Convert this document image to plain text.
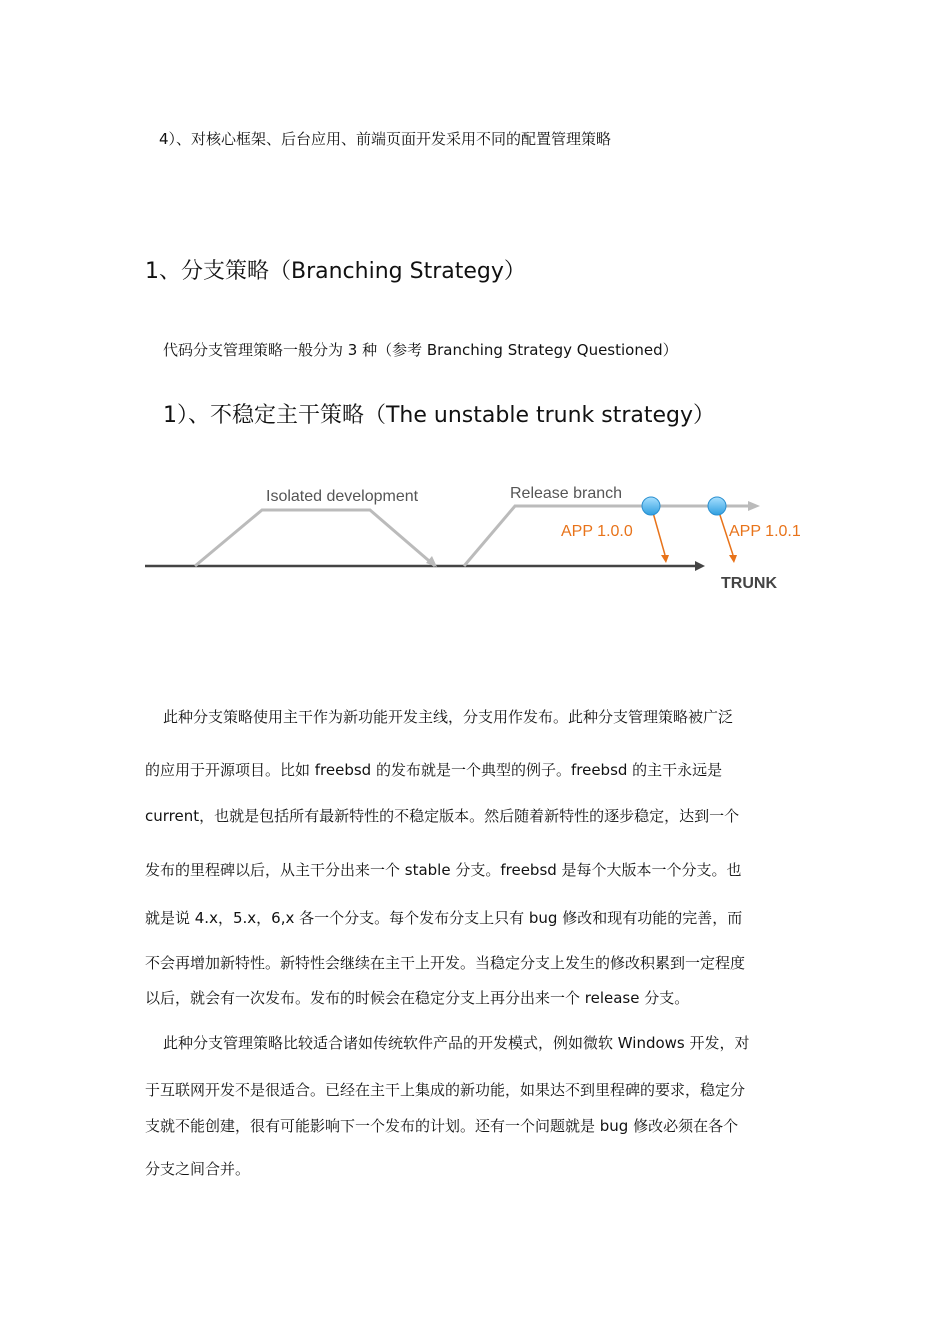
4）、对核心框架、后台应用、前端页面开发采用不同的配置管理策略
1、分支策略（Branching Strategy）
代码分支管理策略一般分为 3 种（参考 Branching Strategy Questioned）
1）、不稳定主干策略（The unstable trunk strategy）
Isolated development	Release branch
APP 1.0.0	APP 1.0.1
TRUNK
此种分支策略使用主干作为新功能开发主线，分支用作发布。此种分支管理策略被广泛
的应用于开源项目。比如 freebsd 的发布就是一个典型的例子。freebsd 的主干永远是
current，也就是包括所有最新特性的不稳定版本。然后随着新特性的逐步稳定，达到一个
发布的里程碑以后，从主干分出来一个 stable 分支。freebsd 是每个大版本一个分支。也
就是说 4.x，5.x，6,x 各一个分支。每个发布分支上只有 bug 修改和现有功能的完善，而
不会再增加新特性。新特性会继续在主干上开发。当稳定分支上发生的修改积累到一定程度
以后，就会有一次发布。发布的时候会在稳定分支上再分出来一个 release 分支。
此种分支管理策略比较适合诸如传统软件产品的开发模式，例如微软 Windows 开发，对
于互联网开发不是很适合。已经在主干上集成的新功能，如果达不到里程碑的要求，稳定分
支就不能创建，很有可能影响下一个发布的计划。还有一个问题就是 bug 修改必须在各个
分支之间合并。
